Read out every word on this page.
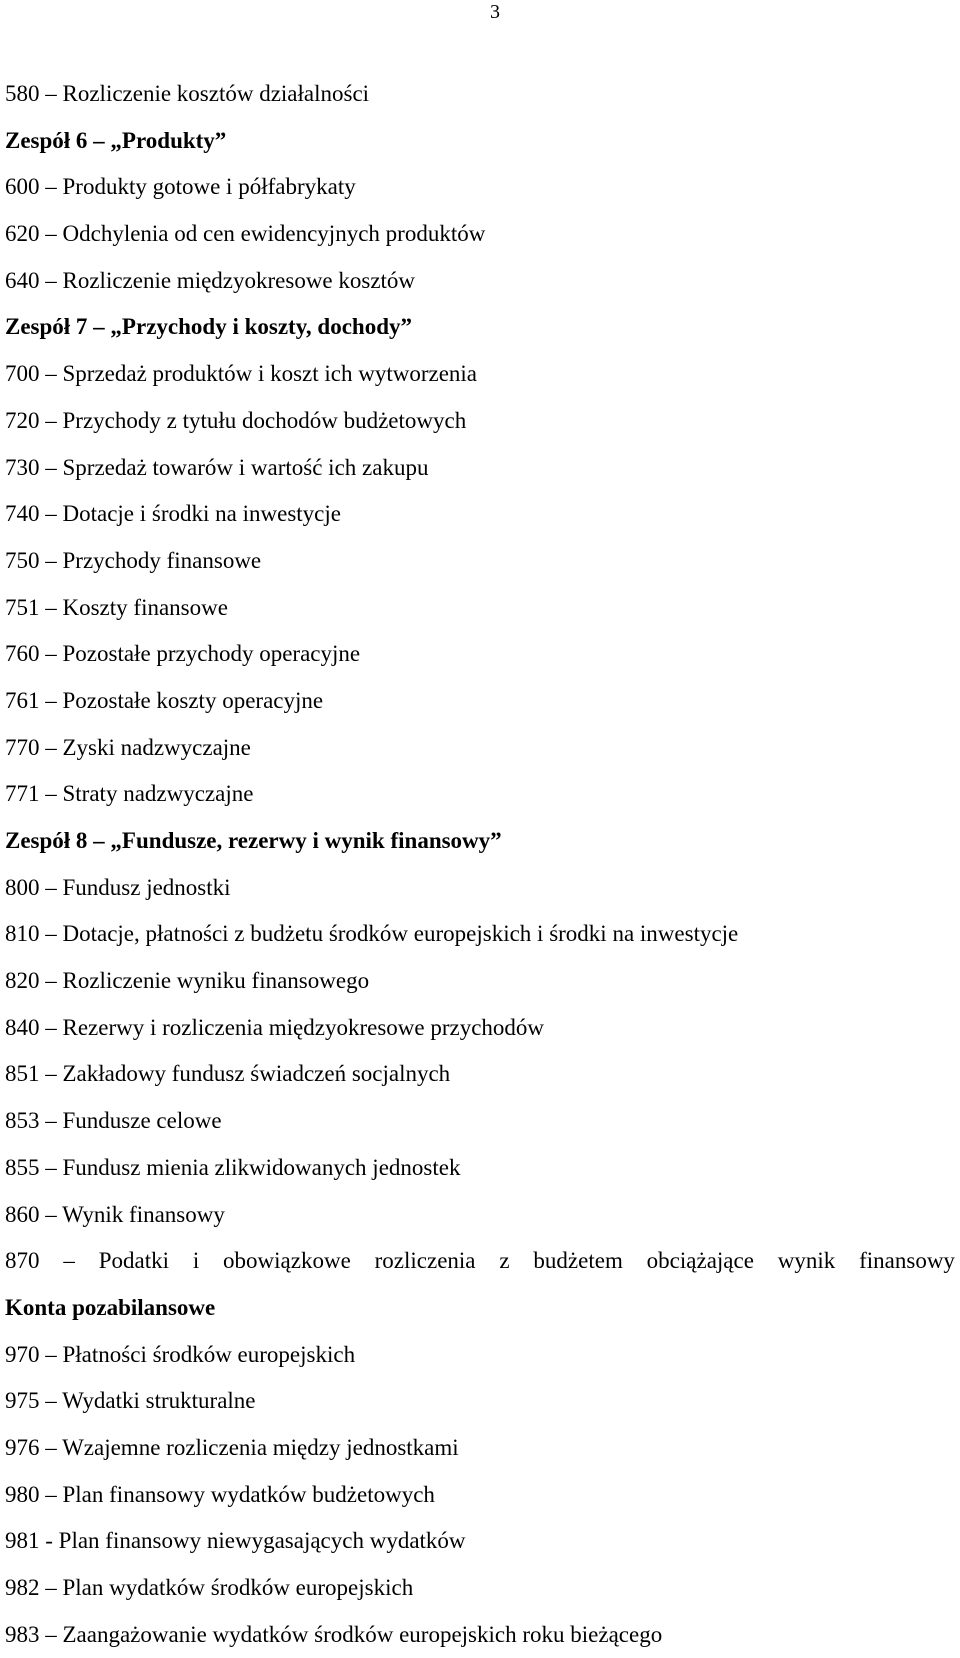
3
580 – Rozliczenie kosztów działalności
Zespół 6 – „Produkty”
600 – Produkty gotowe i półfabrykaty
620 – Odchylenia od cen ewidencyjnych produktów
640 – Rozliczenie międzyokresowe kosztów
Zespół 7 – „Przychody i koszty, dochody”
700 – Sprzedaż produktów i koszt ich wytworzenia
720 – Przychody z tytułu dochodów budżetowych
730 – Sprzedaż towarów i wartość ich zakupu
740 – Dotacje i środki na inwestycje
750 – Przychody finansowe
751 – Koszty finansowe
760 – Pozostałe przychody operacyjne
761 – Pozostałe koszty operacyjne
770 – Zyski nadzwyczajne
771 – Straty nadzwyczajne
Zespół 8 – „Fundusze, rezerwy i wynik finansowy”
800 – Fundusz jednostki
810 – Dotacje, płatności z budżetu środków europejskich i środki na inwestycje
820 – Rozliczenie wyniku finansowego
840 – Rezerwy i rozliczenia międzyokresowe przychodów
851 – Zakładowy fundusz świadczeń socjalnych
853 – Fundusze celowe
855 – Fundusz mienia zlikwidowanych jednostek
860 – Wynik finansowy
870 – Podatki i obowiązkowe rozliczenia z budżetem obciążające wynik finansowy
Konta pozabilansowe
970 – Płatności środków europejskich
975 – Wydatki strukturalne
976 – Wzajemne rozliczenia między jednostkami
980 – Plan finansowy wydatków budżetowych
981 - Plan finansowy niewygasających wydatków
982 – Plan wydatków środków europejskich
983 – Zaangażowanie wydatków środków europejskich roku bieżącego
